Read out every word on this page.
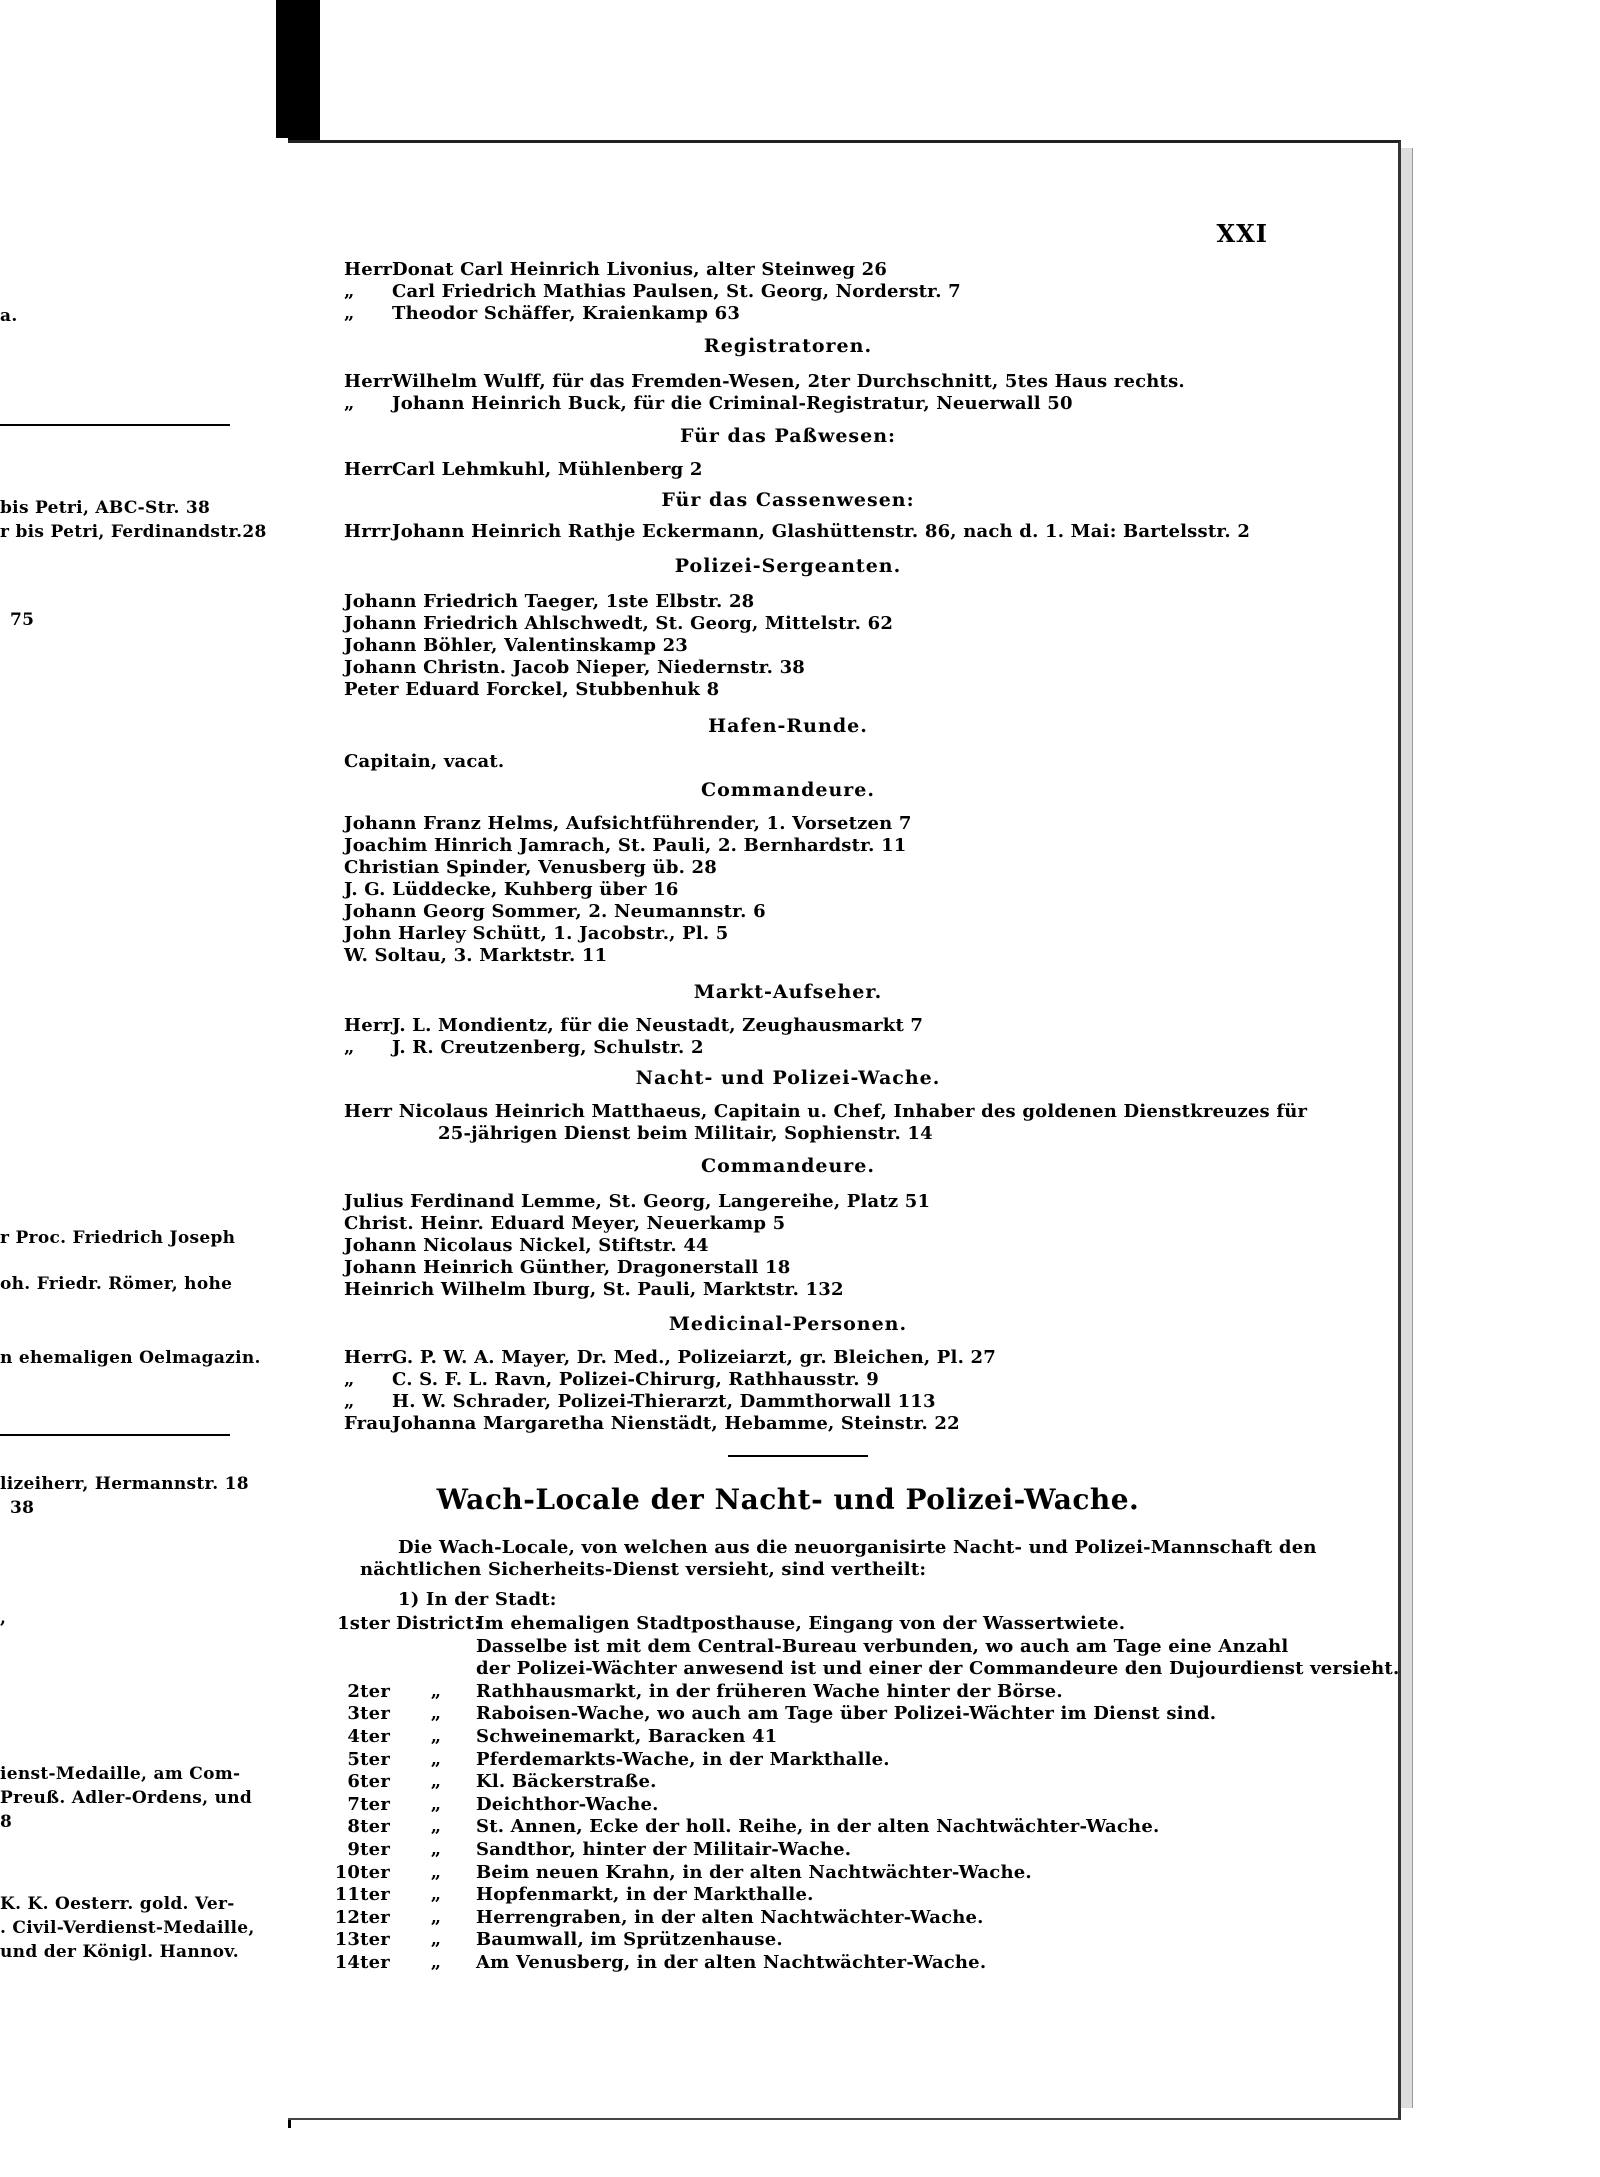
a.
bis Petri, ABC-Str. 38
r bis Petri, Ferdinandstr.28
75
r Proc. Friedrich Joseph
oh. Friedr. Römer, hohe
n ehemaligen Oelmagazin.
lizeiherr, Hermannstr. 18
38
,
ienst-Medaille, am Com-
Preuß. Adler-Ordens, und
8
K. K. Oesterr. gold. Ver-
. Civil-Verdienst-Medaille,
und der Königl. Hannov.
XXI
HerrDonat Carl Heinrich Livonius, alter Steinweg 26
„ Carl Friedrich Mathias Paulsen, St. Georg, Norderstr. 7
„ Theodor Schäffer, Kraienkamp 63
Registratoren.
HerrWilhelm Wulff, für das Fremden-Wesen, 2ter Durchschnitt, 5tes Haus rechts.
„ Johann Heinrich Buck, für die Criminal-Registratur, Neuerwall 50
Für das Paßwesen:
HerrCarl Lehmkuhl, Mühlenberg 2
Für das Cassenwesen:
HrrrJohann Heinrich Rathje Eckermann, Glashüttenstr. 86, nach d. 1. Mai: Bartelsstr. 2
Polizei-Sergeanten.
Johann Friedrich Taeger, 1ste Elbstr. 28
Johann Friedrich Ahlschwedt, St. Georg, Mittelstr. 62
Johann Böhler, Valentinskamp 23
Johann Christn. Jacob Nieper, Niedernstr. 38
Peter Eduard Forckel, Stubbenhuk 8
Hafen-Runde.
Capitain, vacat.
Commandeure.
Johann Franz Helms, Aufsichtführender, 1. Vorsetzen 7
Joachim Hinrich Jamrach, St. Pauli, 2. Bernhardstr. 11
Christian Spinder, Venusberg üb. 28
J. G. Lüddecke, Kuhberg über 16
Johann Georg Sommer, 2. Neumannstr. 6
John Harley Schütt, 1. Jacobstr., Pl. 5
W. Soltau, 3. Marktstr. 11
Markt-Aufseher.
HerrJ. L. Mondientz, für die Neustadt, Zeughausmarkt 7
„ J. R. Creutzenberg, Schulstr. 2
Nacht- und Polizei-Wache.
Herr Nicolaus Heinrich Matthaeus, Capitain u. Chef, Inhaber des goldenen Dienstkreuzes für
25-jährigen Dienst beim Militair, Sophienstr. 14
Commandeure.
Julius Ferdinand Lemme, St. Georg, Langereihe, Platz 51
Christ. Heinr. Eduard Meyer, Neuerkamp 5
Johann Nicolaus Nickel, Stiftstr. 44
Johann Heinrich Günther, Dragonerstall 18
Heinrich Wilhelm Iburg, St. Pauli, Marktstr. 132
Medicinal-Personen.
HerrG. P. W. A. Mayer, Dr. Med., Polizeiarzt, gr. Bleichen, Pl. 27
„ C. S. F. L. Ravn, Polizei-Chirurg, Rathhausstr. 9
„ H. W. Schrader, Polizei-Thierarzt, Dammthorwall 113
FrauJohanna Margaretha Nienstädt, Hebamme, Steinstr. 22
Wach-Locale der Nacht- und Polizei-Wache.
Die Wach-Locale, von welchen aus die neuorganisirte Nacht- und Polizei-Mannschaft den
nächtlichen Sicherheits-Dienst versieht, sind vertheilt:
1) In der Stadt:
1ster District:Im ehemaligen Stadtposthause, Eingang von der Wassertwiete.
Dasselbe ist mit dem Central-Bureau verbunden, wo auch am Tage eine Anzahl
der Polizei-Wächter anwesend ist und einer der Commandeure den Dujourdienst versieht.
2ter „ Rathhausmarkt, in der früheren Wache hinter der Börse.
3ter „ Raboisen-Wache, wo auch am Tage über Polizei-Wächter im Dienst sind.
4ter „ Schweinemarkt, Baracken 41
5ter „ Pferdemarkts-Wache, in der Markthalle.
6ter „ Kl. Bäckerstraße.
7ter „ Deichthor-Wache.
8ter „ St. Annen, Ecke der holl. Reihe, in der alten Nachtwächter-Wache.
9ter „ Sandthor, hinter der Militair-Wache.
10ter „ Beim neuen Krahn, in der alten Nachtwächter-Wache.
11ter „ Hopfenmarkt, in der Markthalle.
12ter „ Herrengraben, in der alten Nachtwächter-Wache.
13ter „ Baumwall, im Sprützenhause.
14ter „ Am Venusberg, in der alten Nachtwächter-Wache.
